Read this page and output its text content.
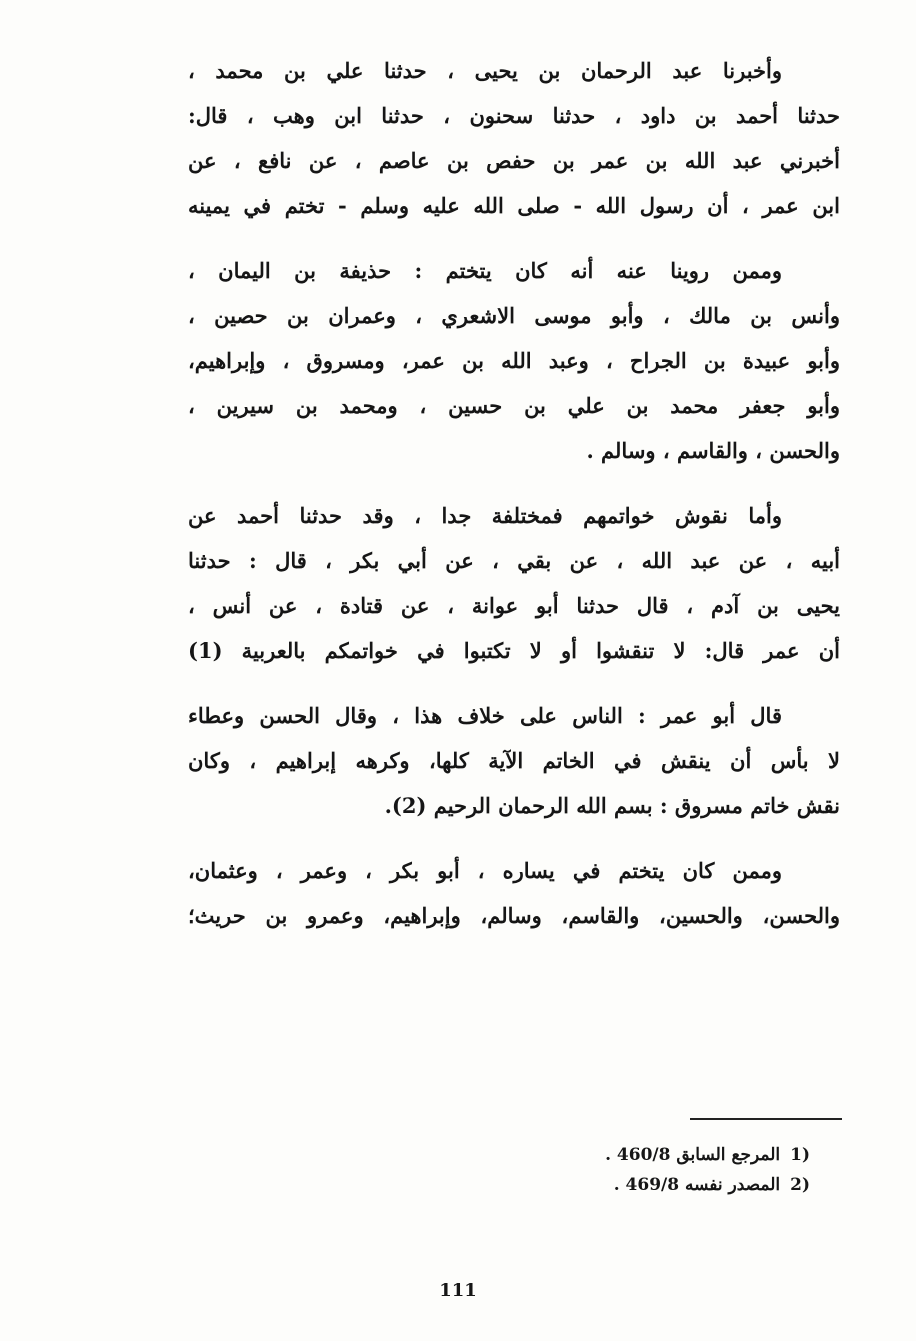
وأخبرنا عبد الرحمان بن يحيى ، حدثنا علي بن محمد ،
حدثنا أحمد بن داود ، حدثنا سحنون ، حدثنا ابن وهب ، قال:
أخبرني عبد الله بن عمر بن حفص بن عاصم ، عن نافع ، عن
ابن عمر ، أن رسول الله - صلى الله عليه وسلم - تختم في يمينه
وممن روينا عنه أنه كان يتختم : حذيفة بن اليمان ،
وأنس بن مالك ، وأبو موسى الاشعري ، وعمران بن حصين ،
وأبو عبيدة بن الجراح ، وعبد الله بن عمر، ومسروق ، وإبراهيم،
وأبو جعفر محمد بن علي بن حسين ، ومحمد بن سيرين ،
والحسن ، والقاسم ، وسالم .
وأما نقوش خواتمهم فمختلفة جدا ، وقد حدثنا أحمد عن
أبيه ، عن عبد الله ، عن بقي ، عن أبي بكر ، قال : حدثنا
يحيى بن آدم ، قال حدثنا أبو عوانة ، عن قتادة ، عن أنس ،
أن عمر قال: لا تنقشوا أو لا تكتبوا في خواتمكم بالعربية (1)
قال أبو عمر : الناس على خلاف هذا ، وقال الحسن وعطاء
لا بأس أن ينقش في الخاتم الآية كلها، وكرهه إبراهيم ، وكان
نقش خاتم مسروق : بسم الله الرحمان الرحيم (2).
وممن كان يتختم في يساره ، أبو بكر ، وعمر ، وعثمان،
والحسن، والحسين، والقاسم، وسالم، وإبراهيم، وعمرو بن حريث؛
1)
المرجع السابق 460/8 .
2)
المصدر نفسه 469/8 .
111
